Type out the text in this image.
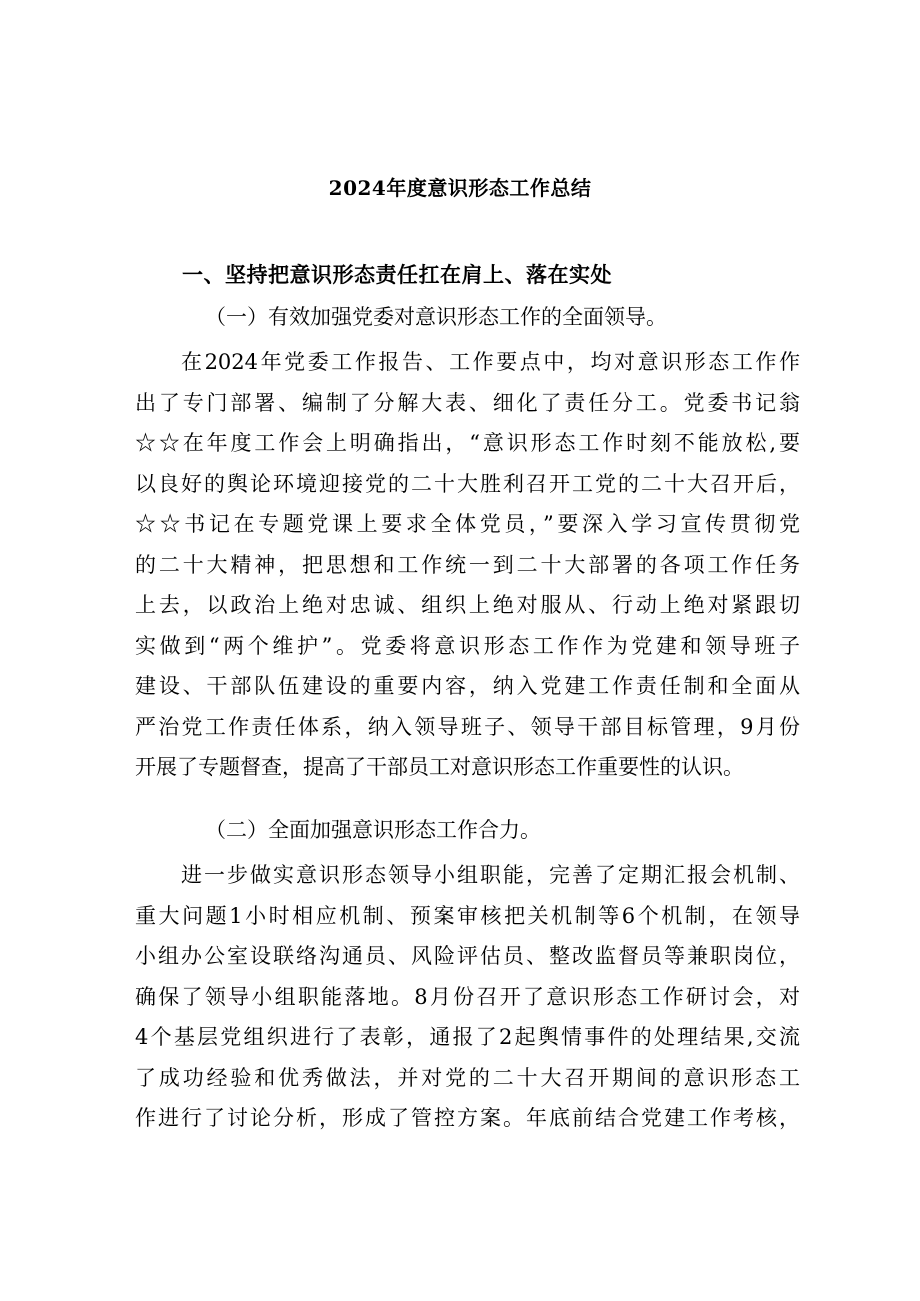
2024年度意识形态工作总结
一、坚持把意识形态责任扛在肩上、落在实处
（一）有效加强党委对意识形态工作的全面领导。
在2024年党委工作报告、工作要点中，均对意识形态工作作
出了专门部署、编制了分解大表、细化了责任分工。党委书记翁
☆☆在年度工作会上明确指出，“意识形态工作时刻不能放松,要
以良好的舆论环境迎接党的二十大胜利召开工党的二十大召开后，
☆☆书记在专题党课上要求全体党员，”要深入学习宣传贯彻党
的二十大精神，把思想和工作统一到二十大部署的各项工作任务
上去，以政治上绝对忠诚、组织上绝对服从、行动上绝对紧跟切
实做到“两个维护”。党委将意识形态工作作为党建和领导班子
建设、干部队伍建设的重要内容，纳入党建工作责任制和全面从
严治党工作责任体系，纳入领导班子、领导干部目标管理，9月份
开展了专题督查，提高了干部员工对意识形态工作重要性的认识。
（二）全面加强意识形态工作合力。
进一步做实意识形态领导小组职能，完善了定期汇报会机制、
重大问题1小时相应机制、预案审核把关机制等6个机制，在领导
小组办公室设联络沟通员、风险评估员、整改监督员等兼职岗位，
确保了领导小组职能落地。8月份召开了意识形态工作研讨会，对
4个基层党组织进行了表彰，通报了2起舆情事件的处理结果,交流
了成功经验和优秀做法，并对党的二十大召开期间的意识形态工
作进行了讨论分析，形成了管控方案。年底前结合党建工作考核，
